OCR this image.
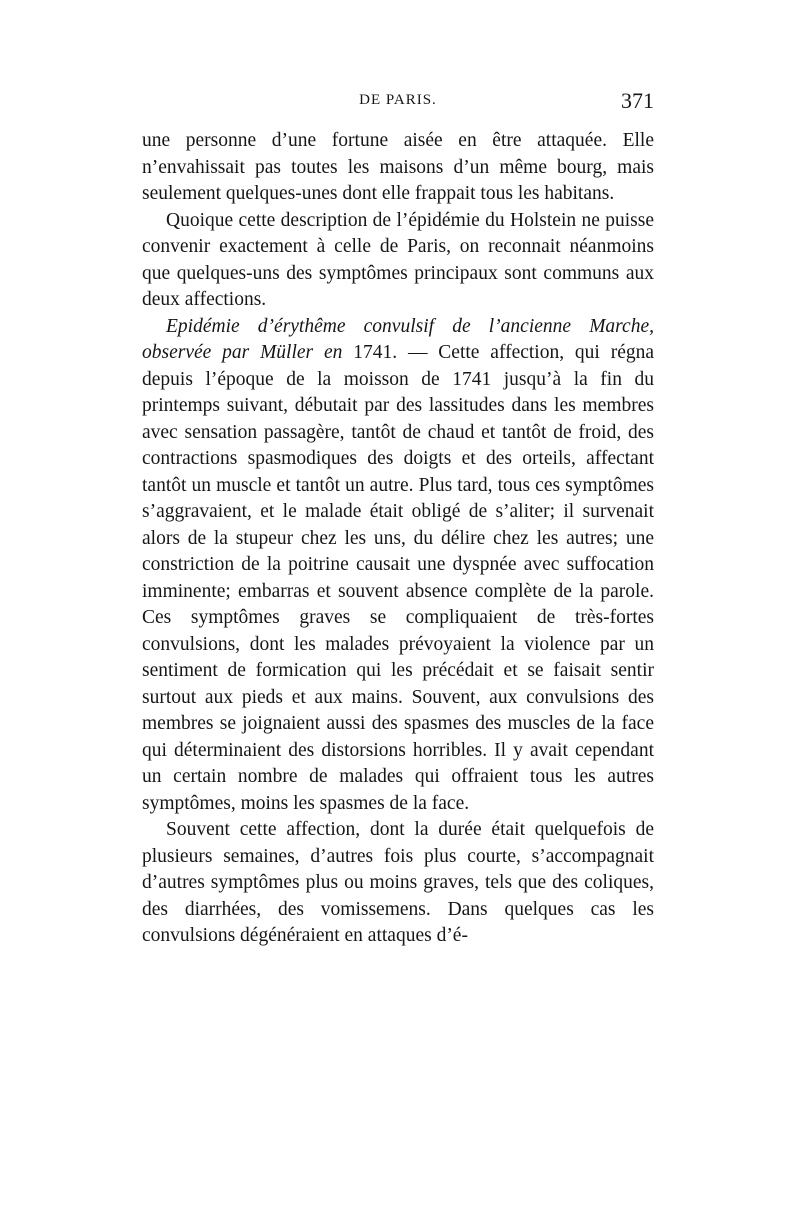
DE PARIS.	371

une personne d’une fortune aisée en être attaquée. Elle n’envahissait pas toutes les maisons d’un même bourg, mais seulement quelques-unes dont elle frappait tous les habitans.

Quoique cette description de l’épidémie du Holstein ne puisse convenir exactement à celle de Paris, on reconnait néanmoins que quelques-uns des symptômes principaux sont communs aux deux affections.

Epidémie d’érythême convulsif de l’ancienne Marche, observée par Müller en 1741. — Cette affection, qui régna depuis l’époque de la moisson de 1741 jusqu’à la fin du printemps suivant, débutait par des lassitudes dans les membres avec sensation passagère, tantôt de chaud et tantôt de froid, des contractions spasmodiques des doigts et des orteils, affectant tantôt un muscle et tantôt un autre. Plus tard, tous ces symptômes s’aggravaient, et le malade était obligé de s’aliter; il survenait alors de la stupeur chez les uns, du délire chez les autres; une constriction de la poitrine causait une dyspnée avec suffocation imminente; embarras et souvent absence complète de la parole. Ces symptômes graves se compliquaient de très-fortes convulsions, dont les malades prévoyaient la violence par un sentiment de formication qui les précédait et se faisait sentir surtout aux pieds et aux mains. Souvent, aux convulsions des membres se joignaient aussi des spasmes des muscles de la face qui déterminaient des distorsions horribles. Il y avait cependant un certain nombre de malades qui offraient tous les autres symptômes, moins les spasmes de la face.

Souvent cette affection, dont la durée était quelquefois de plusieurs semaines, d’autres fois plus courte, s’accompagnait d’autres symptômes plus ou moins graves, tels que des coliques, des diarrhées, des vomissemens. Dans quelques cas les convulsions dégénéraient en attaques d’é-
